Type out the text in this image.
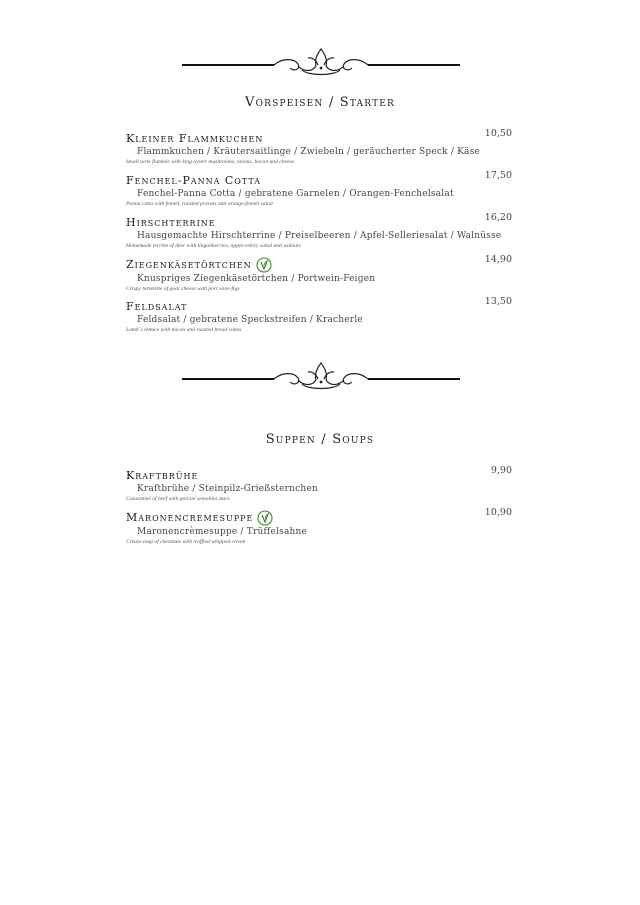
Vorspeisen / Starter
Kleiner Flammkuchen	10,50
Flammkuchen / Kräutersaitlinge / Zwiebeln / geräucherter Speck / Käse
Small tarte flambée with king oyster mushrooms, onions, bacon and cheese
Fenchel-Panna Cotta	17,50
Fenchel-Panna Cotta / gebratene Garnelen / Orangen-Fenchelsalat
Panna cotta with fennel, roasted prawns and orange-fennel salad
Hirschterrine	16,20
Hausgemachte Hirschterrine / Preiselbeeren / Apfel-Selleriesalat / Walnüsse
Homemade terrine of deer with lingonberries, apple-celery salad and walnuts
Ziegenkäsetörtchen	14,90
Knuspriges Ziegenkäsetörtchen / Portwein-Feigen
Crispy tartelette of goat cheese with port wine-figs
Feldsalat	13,50
Feldsalat / gebratene Speckstreifen / Kracherle
Lamb´s lettuce with bacon and roasted bread cubes
Suppen / Soups
Kraftbrühe	9,90
Kraftbrühe / Steinpilz-Grießsternchen
Consommé of beef with porcini semolina stars
Maronencremesuppe	10,90
Maronencrèmesuppe / Trüffelsahne
Cream soup of chestnuts with truffled whipped cream
